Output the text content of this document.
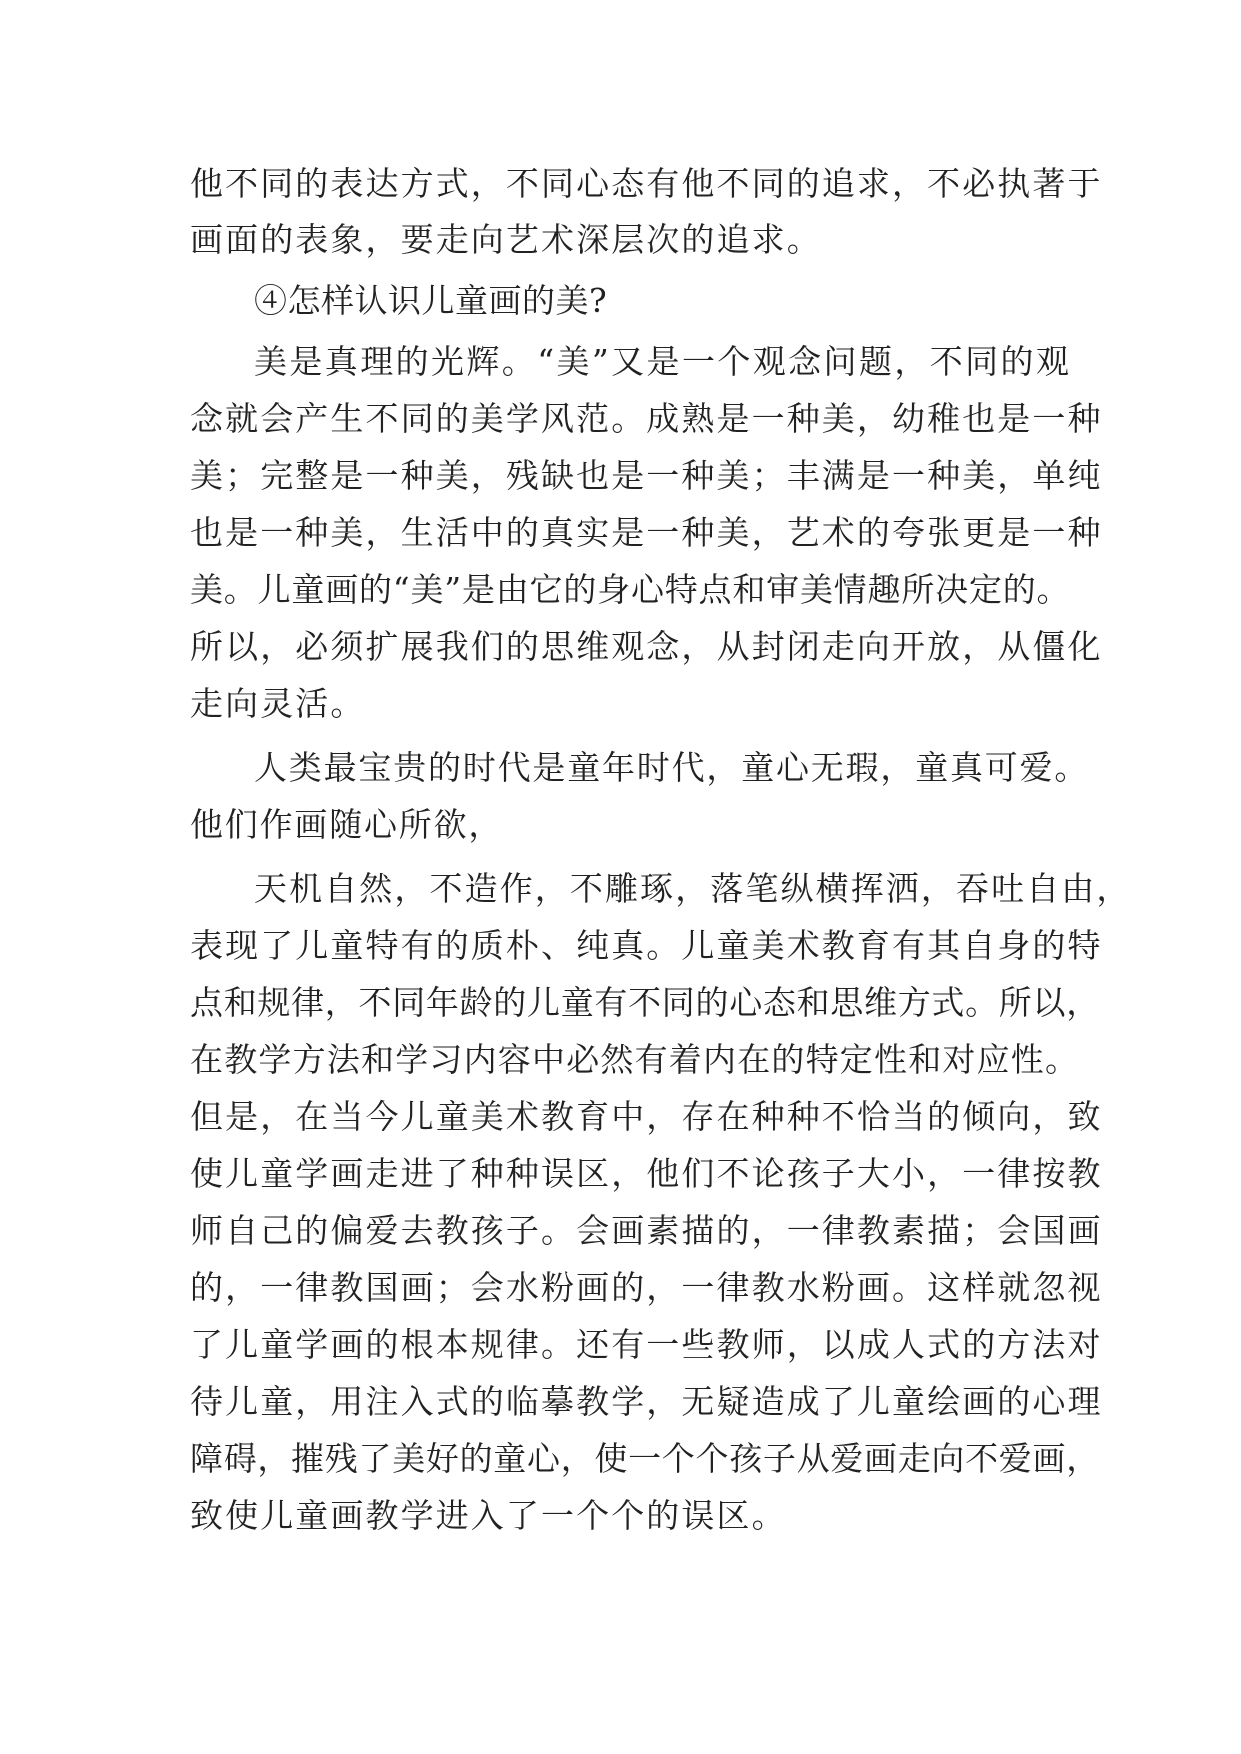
他不同的表达方式，不同心态有他不同的追求，不必执著于
画面的表象，要走向艺术深层次的追求。
④怎样认识儿童画的美?
美是真理的光辉。“美”又是一个观念问题，不同的观
念就会产生不同的美学风范。成熟是一种美，幼稚也是一种
美；完整是一种美，残缺也是一种美；丰满是一种美，单纯
也是一种美，生活中的真实是一种美，艺术的夸张更是一种
美。儿童画的“美”是由它的身心特点和审美情趣所决定的。
所以，必须扩展我们的思维观念，从封闭走向开放，从僵化
走向灵活。
人类最宝贵的时代是童年时代，童心无瑕，童真可爱。
他们作画随心所欲，
天机自然，不造作，不雕琢，落笔纵横挥洒，吞吐自由，
表现了儿童特有的质朴、纯真。儿童美术教育有其自身的特
点和规律，不同年龄的儿童有不同的心态和思维方式。所以，
在教学方法和学习内容中必然有着内在的特定性和对应性。
但是，在当今儿童美术教育中，存在种种不恰当的倾向，致
使儿童学画走进了种种误区，他们不论孩子大小，一律按教
师自己的偏爱去教孩子。会画素描的，一律教素描；会国画
的，一律教国画；会水粉画的，一律教水粉画。这样就忽视
了儿童学画的根本规律。还有一些教师，以成人式的方法对
待儿童，用注入式的临摹教学，无疑造成了儿童绘画的心理
障碍，摧残了美好的童心，使一个个孩子从爱画走向不爱画，
致使儿童画教学进入了一个个的误区。
